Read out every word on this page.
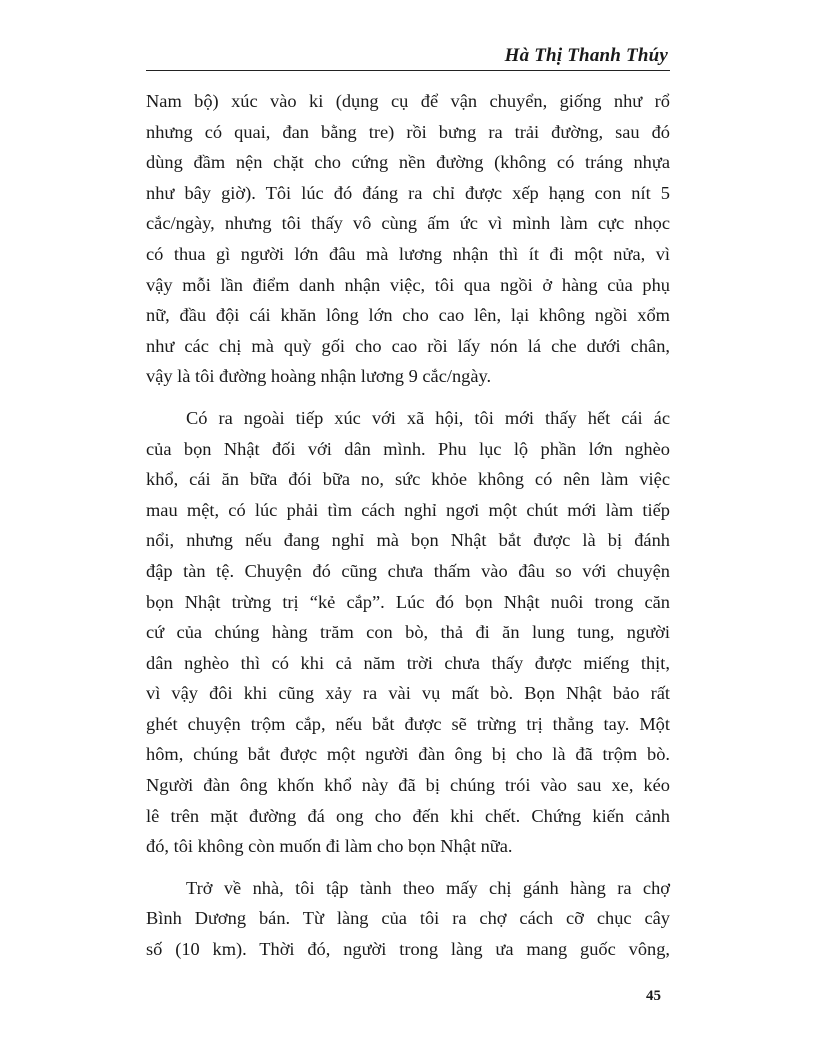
Hà Thị Thanh Thúy

Nam bộ) xúc vào ki (dụng cụ để vận chuyển, giống như rổ
nhưng có quai, đan bằng tre) rồi bưng ra trải đường, sau đó
dùng đầm nện chặt cho cứng nền đường (không có tráng nhựa
như bây giờ). Tôi lúc đó đáng ra chỉ được xếp hạng con nít 5
cắc/ngày, nhưng tôi thấy vô cùng ấm ức vì mình làm cực nhọc
có thua gì người lớn đâu mà lương nhận thì ít đi một nửa, vì
vậy mỗi lần điểm danh nhận việc, tôi qua ngồi ở hàng của phụ
nữ, đầu đội cái khăn lông lớn cho cao lên, lại không ngồi xổm
như các chị mà quỳ gối cho cao rồi lấy nón lá che dưới chân,
vậy là tôi đường hoàng nhận lương 9 cắc/ngày.

Có ra ngoài tiếp xúc với xã hội, tôi mới thấy hết cái ác
của bọn Nhật đối với dân mình. Phu lục lộ phần lớn nghèo
khổ, cái ăn bữa đói bữa no, sức khỏe không có nên làm việc
mau mệt, có lúc phải tìm cách nghỉ ngơi một chút mới làm tiếp
nổi, nhưng nếu đang nghỉ mà bọn Nhật bắt được là bị đánh
đập tàn tệ. Chuyện đó cũng chưa thấm vào đâu so với chuyện
bọn Nhật trừng trị “kẻ cắp”. Lúc đó bọn Nhật nuôi trong căn
cứ của chúng hàng trăm con bò, thả đi ăn lung tung, người
dân nghèo thì có khi cả năm trời chưa thấy được miếng thịt,
vì vậy đôi khi cũng xảy ra vài vụ mất bò. Bọn Nhật bảo rất
ghét chuyện trộm cắp, nếu bắt được sẽ trừng trị thẳng tay. Một
hôm, chúng bắt được một người đàn ông bị cho là đã trộm bò.
Người đàn ông khốn khổ này đã bị chúng trói vào sau xe, kéo
lê trên mặt đường đá ong cho đến khi chết. Chứng kiến cảnh
đó, tôi không còn muốn đi làm cho bọn Nhật nữa.

Trở về nhà, tôi tập tành theo mấy chị gánh hàng ra chợ
Bình Dương bán. Từ làng của tôi ra chợ cách cỡ chục cây
số (10 km). Thời đó, người trong làng ưa mang guốc vông,

45
